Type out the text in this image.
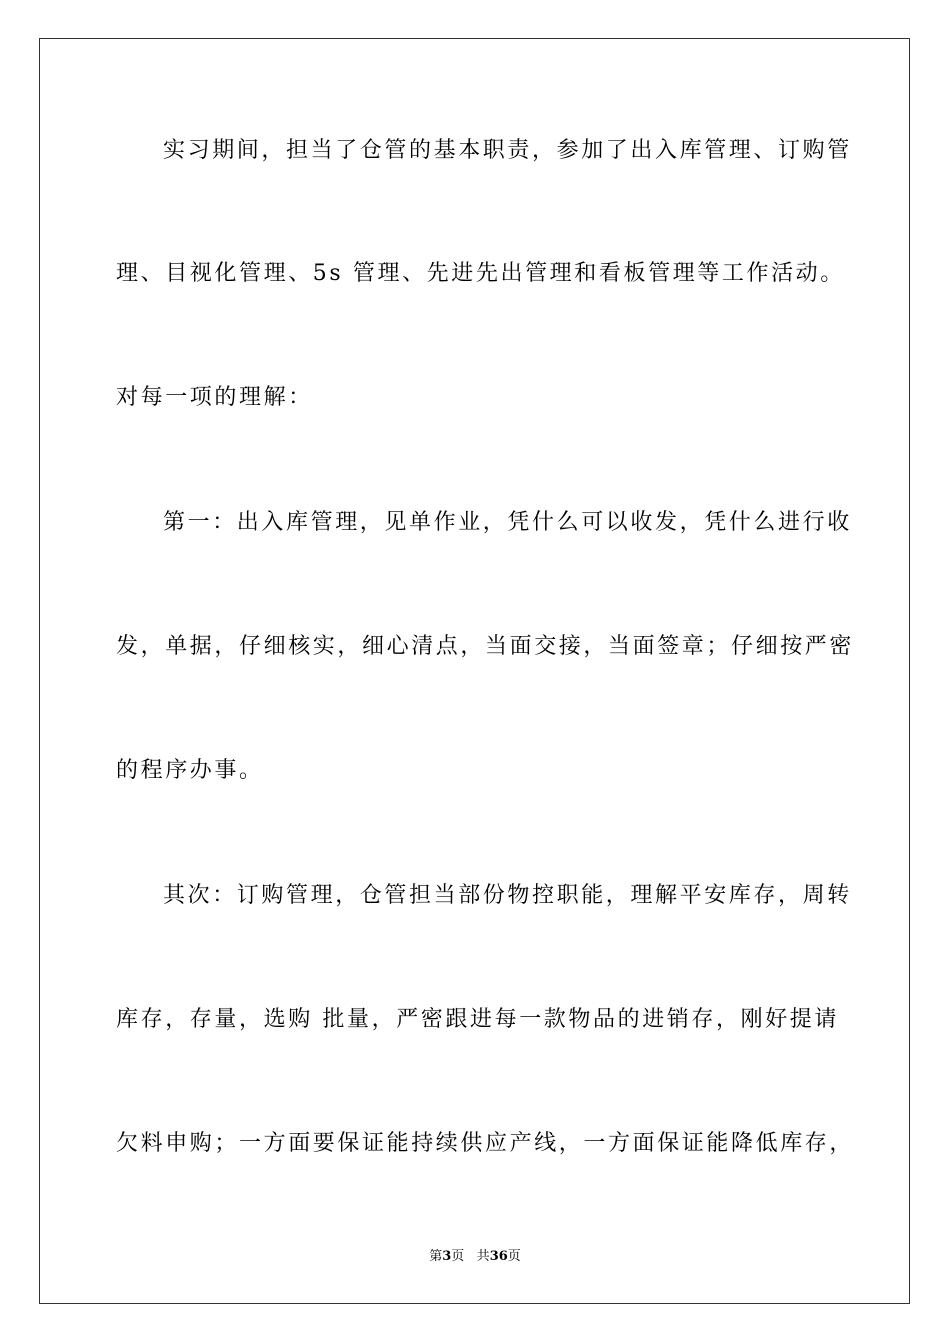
实习期间，担当了仓管的基本职责，参加了出入库管理、订购管
理、目视化管理、5s 管理、先进先出管理和看板管理等工作活动。
对每一项的理解：
第一：出入库管理，见单作业，凭什么可以收发，凭什么进行收
发，单据，仔细核实，细心清点，当面交接，当面签章；仔细按严密
的程序办事。
其次：订购管理，仓管担当部份物控职能，理解平安库存，周转
库存，存量，选购 批量，严密跟进每一款物品的进销存，刚好提请
欠料申购；一方面要保证能持续供应产线，一方面保证能降低库存，
第3页 共36页
